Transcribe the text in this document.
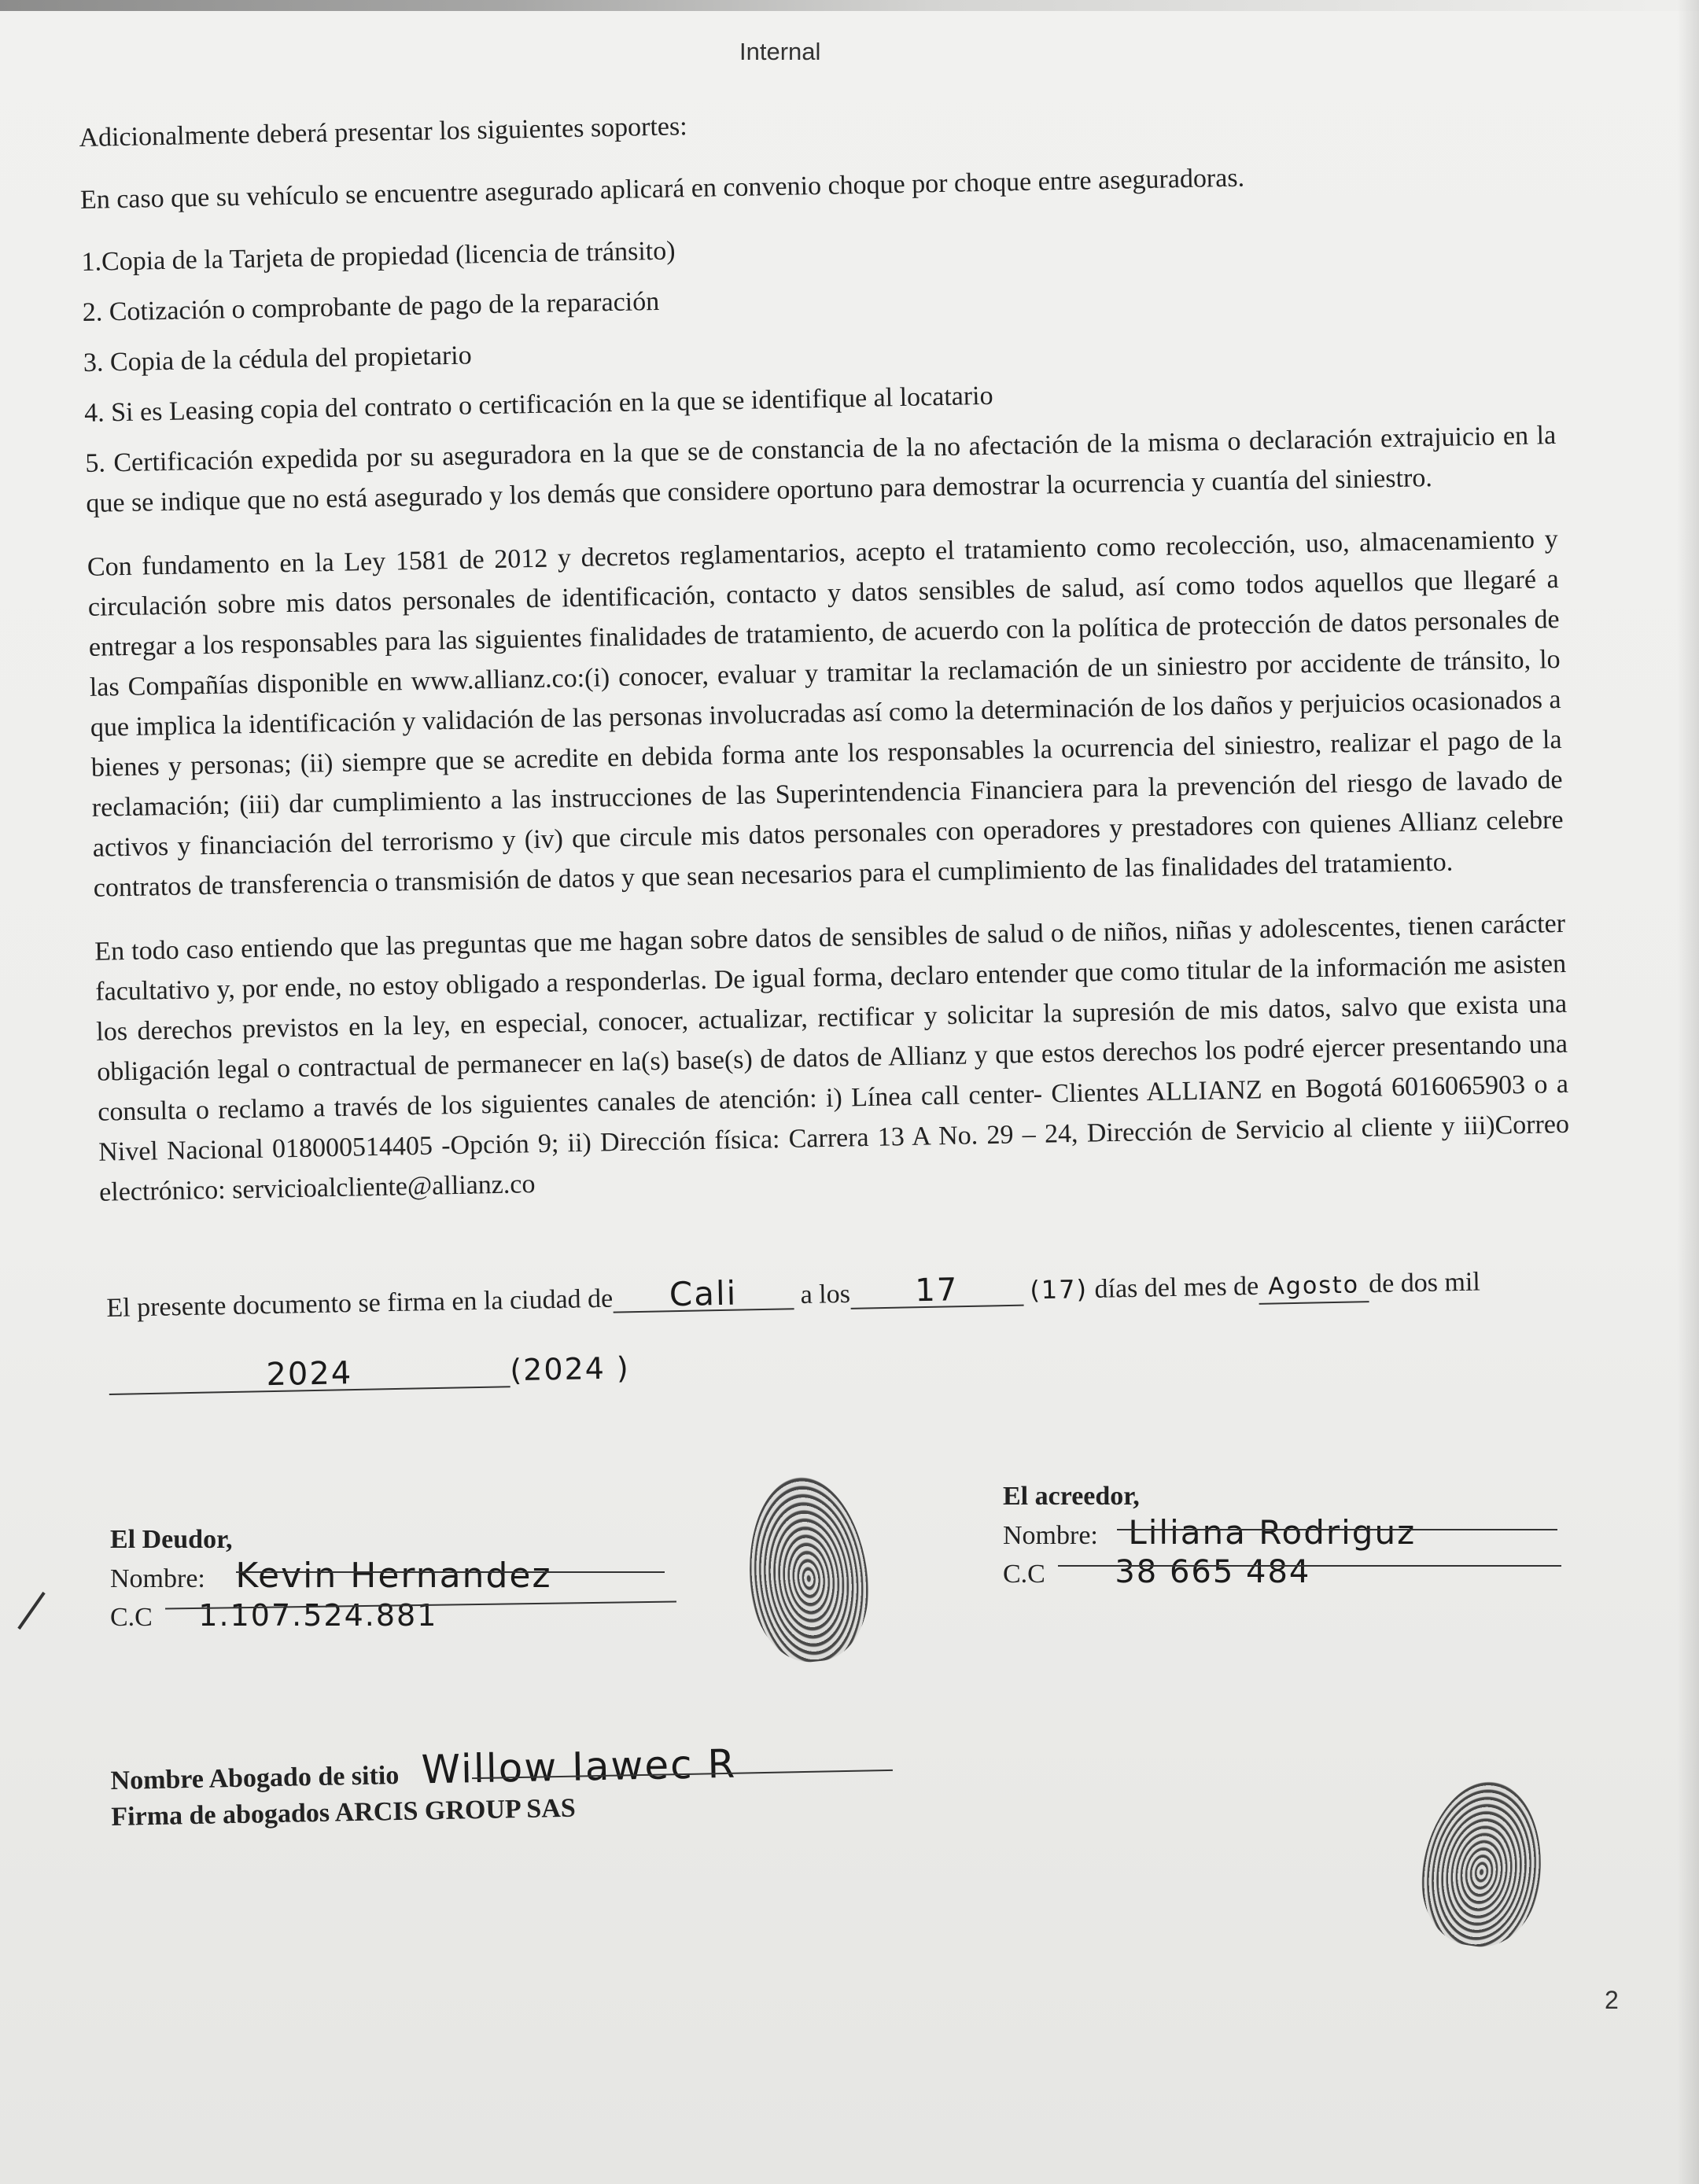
Internal

Adicionalmente deberá presentar los siguientes soportes:

En caso que su vehículo se encuentre asegurado aplicará en convenio choque por choque entre aseguradoras.

1.Copia de la Tarjeta de propiedad (licencia de tránsito)

2. Cotización o comprobante de pago de la reparación

3. Copia de la cédula del propietario

4. Si es Leasing copia del contrato o certificación en la que se identifique al locatario

5. Certificación expedida por su aseguradora en la que se de constancia de la no afectación de la misma o declaración extrajuicio en la que se indique que no está asegurado y los demás que considere oportuno para demostrar la ocurrencia y cuantía del siniestro.

Con fundamento en la Ley 1581 de 2012 y decretos reglamentarios, acepto el tratamiento como recolección, uso, almacenamiento y circulación sobre mis datos personales de identificación, contacto y datos sensibles de salud, así como todos aquellos que llegaré a entregar a los responsables para las siguientes finalidades de tratamiento, de acuerdo con la política de protección de datos personales de las Compañías disponible en www.allianz.co:(i) conocer, evaluar y tramitar la reclamación de un siniestro por accidente de tránsito, lo que implica la identificación y validación de las personas involucradas así como la determinación de los daños y perjuicios ocasionados a bienes y personas; (ii) siempre que se acredite en debida forma ante los responsables la ocurrencia del siniestro, realizar el pago de la reclamación; (iii) dar cumplimiento a las instrucciones de las Superintendencia Financiera para la prevención del riesgo de lavado de activos y financiación del terrorismo y (iv) que circule mis datos personales con operadores y prestadores con quienes Allianz celebre contratos de transferencia o transmisión de datos y que sean necesarios para el cumplimiento de las finalidades del tratamiento.

En todo caso entiendo que las preguntas que me hagan sobre datos de sensibles de salud o de niños, niñas y adolescentes, tienen carácter facultativo y, por ende, no estoy obligado a responderlas. De igual forma, declaro entender que como titular de la información me asisten los derechos previstos en la ley, en especial, conocer, actualizar, rectificar y solicitar la supresión de mis datos, salvo que exista una obligación legal o contractual de permanecer en la(s) base(s) de datos de Allianz y que estos derechos los podré ejercer presentando una consulta o reclamo a través de los siguientes canales de atención: i) Línea call center- Clientes ALLIANZ en Bogotá 6016065903 o a Nivel Nacional 018000514405 -Opción 9; ii) Dirección física: Carrera 13 A No. 29 – 24, Dirección de Servicio al cliente y iii)Correo electrónico: servicioalcliente@allianz.co

El presente documento se firma en la ciudad de Cali a los 17	(17) días del mes de Agosto de dos mil
2024	(2024 )
El Deudor,
Nombre: Kevin Hernandez
C.C 1.107.524.881
El acreedor,
Nombre: Liliana Rodriguz
C.C 38 665 484
Nombre Abogado de sitio Willow Iawec R
Firma de abogados ARCIS GROUP SAS
2
